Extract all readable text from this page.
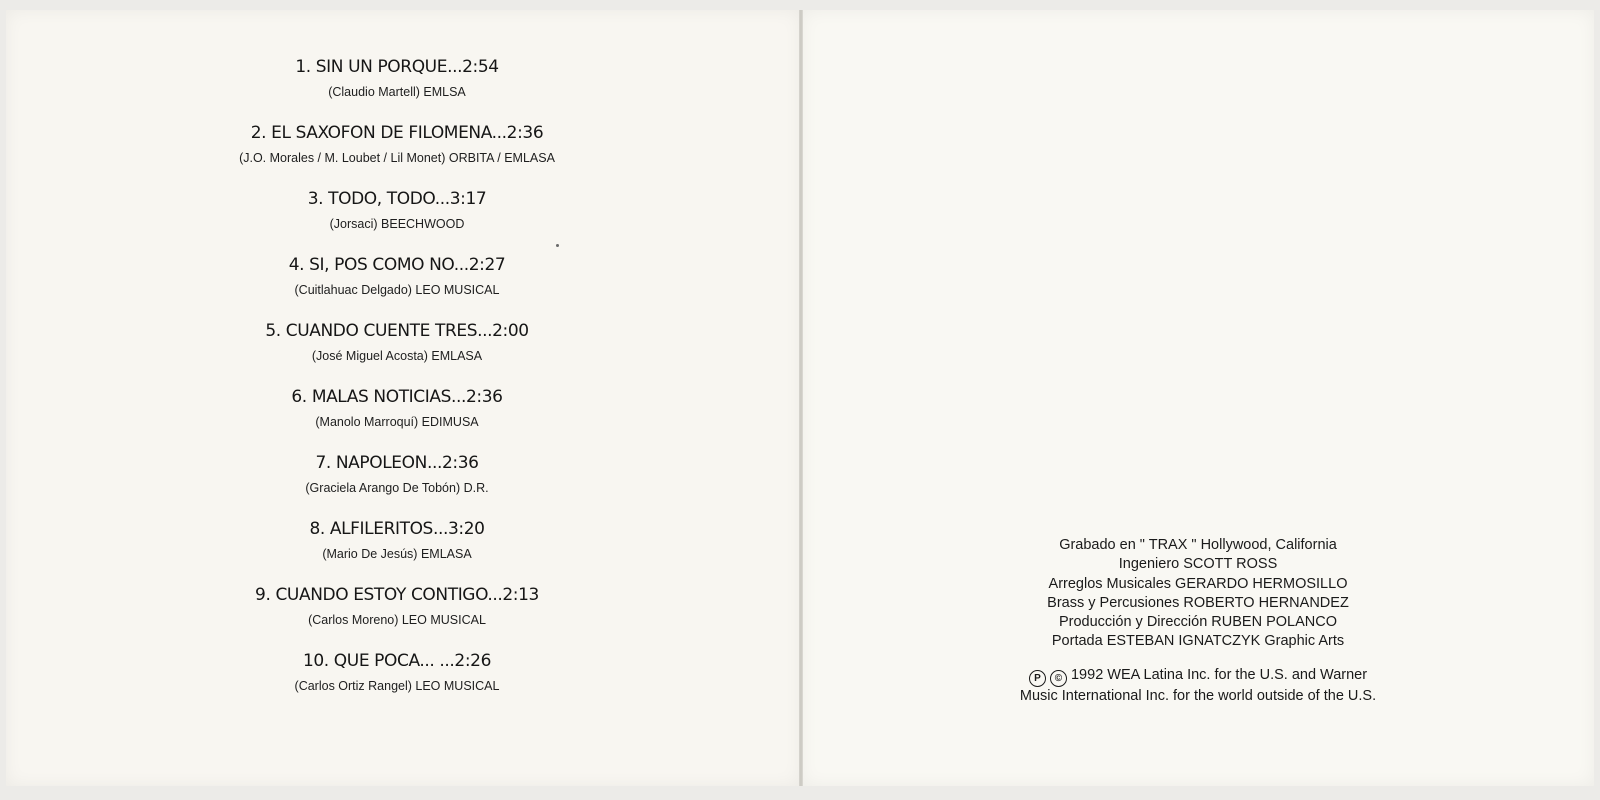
1. SIN UN PORQUE...2:54
(Claudio Martell) EMLSA
2. EL SAXOFON DE FILOMENA...2:36
(J.O. Morales / M. Loubet / Lil Monet) ORBITA / EMLASA
3. TODO, TODO...3:17
(Jorsaci) BEECHWOOD
4. SI, POS COMO NO...2:27
(Cuitlahuac Delgado) LEO MUSICAL
5. CUANDO CUENTE TRES...2:00
(José Miguel Acosta) EMLASA
6. MALAS NOTICIAS...2:36
(Manolo Marroquí) EDIMUSA
7. NAPOLEON...2:36
(Graciela Arango De Tobón) D.R.
8. ALFILERITOS...3:20
(Mario De Jesús) EMLASA
9. CUANDO ESTOY CONTIGO...2:13
(Carlos Moreno) LEO MUSICAL
10. QUE POCA... ...2:26
(Carlos Ortiz Rangel) LEO MUSICAL
Grabado en " TRAX " Hollywood, California
Ingeniero SCOTT ROSS
Arreglos Musicales GERARDO HERMOSILLO
Brass y Percusiones ROBERTO HERNANDEZ
Producción y Dirección RUBEN POLANCO
Portada ESTEBAN IGNATCZYK Graphic Arts
P © 1992 WEA Latina Inc. for the U.S. and Warner
Music International Inc. for the world outside of the U.S.
